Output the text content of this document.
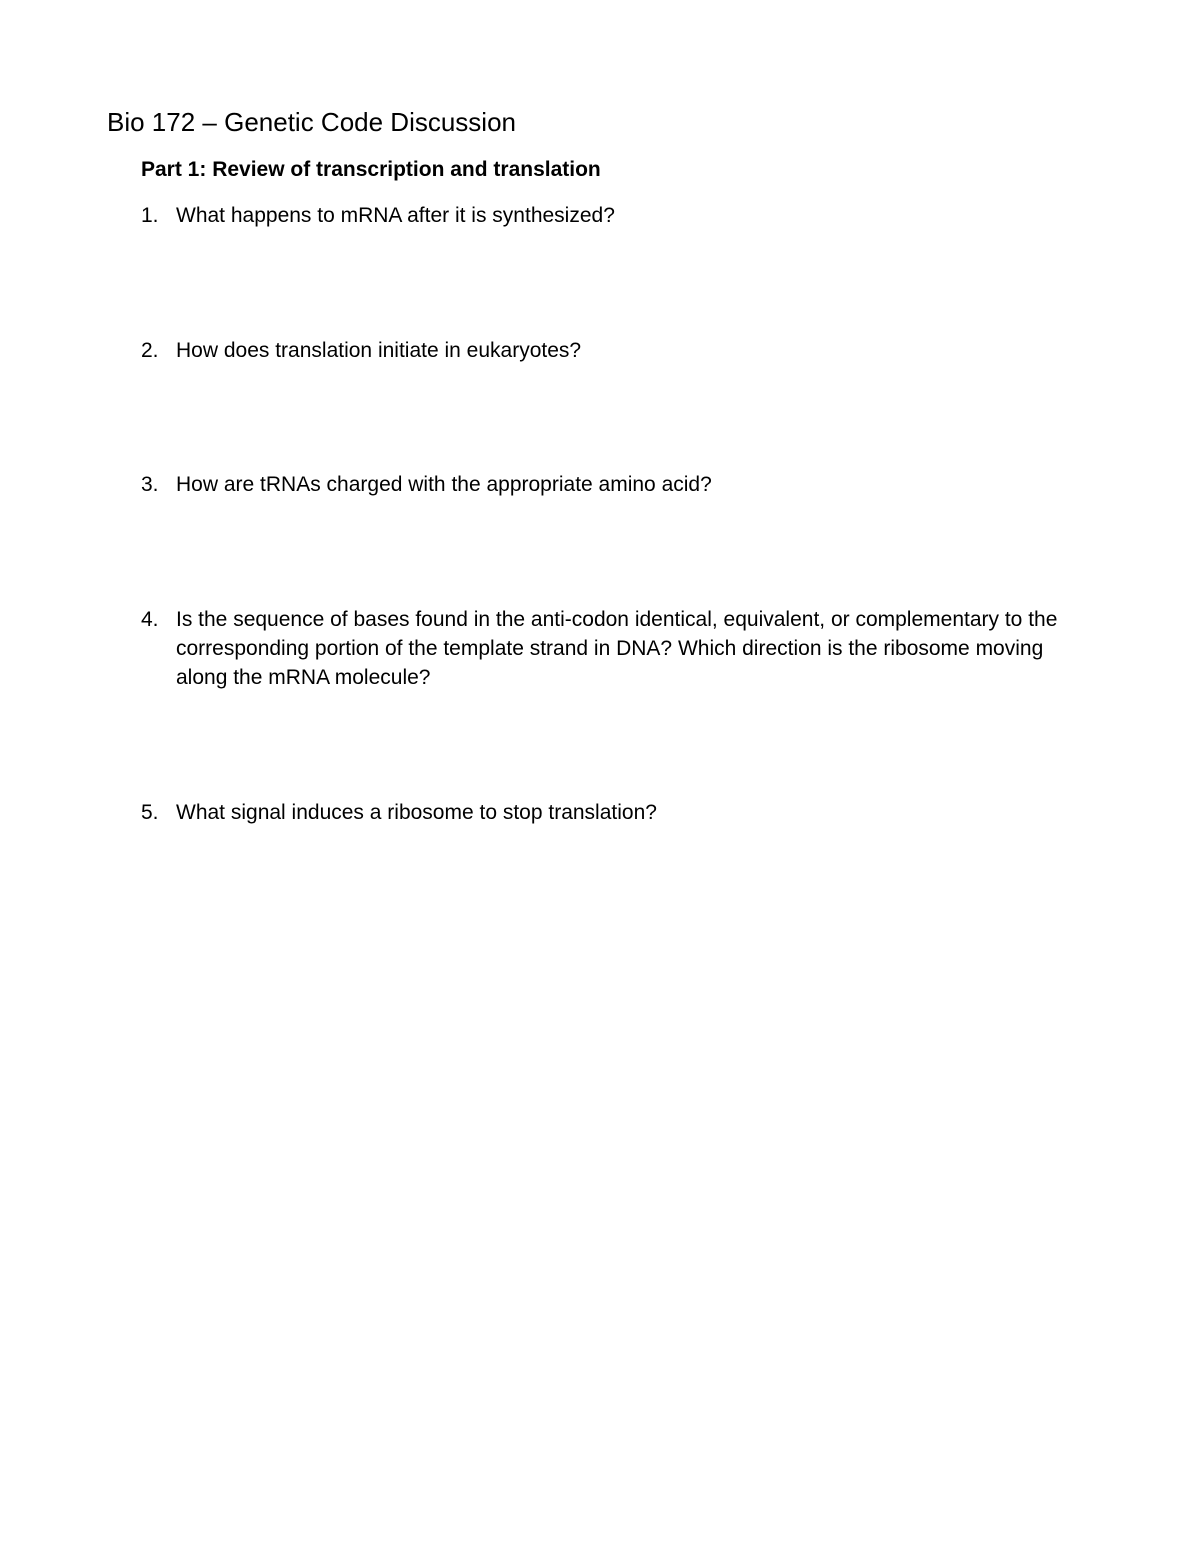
Bio 172 – Genetic Code Discussion
Part 1: Review of transcription and translation
1. What happens to mRNA after it is synthesized?
2. How does translation initiate in eukaryotes?
3. How are tRNAs charged with the appropriate amino acid?
4. Is the sequence of bases found in the anti-codon identical, equivalent, or complementary to the corresponding portion of the template strand in DNA? Which direction is the ribosome moving along the mRNA molecule?
5. What signal induces a ribosome to stop translation?
